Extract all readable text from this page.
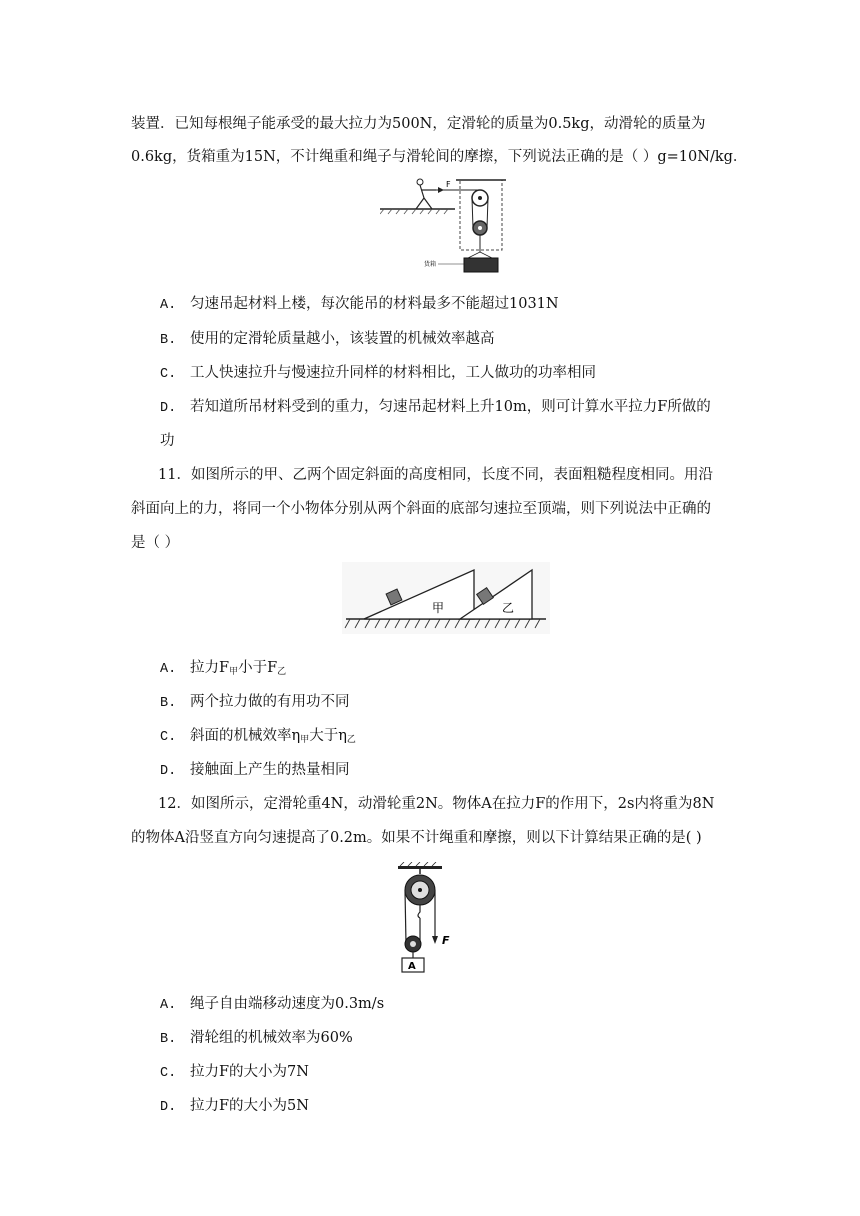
装置．已知每根绳子能承受的最大拉力为500N，定滑轮的质量为0.5kg，动滑轮的质量为
0.6kg，货箱重为15N，不计绳重和绳子与滑轮间的摩擦，下列说法正确的是（ ）g=10N/kg．
F
货箱
A. 匀速吊起材料上楼，每次能吊的材料最多不能超过1031N
B. 使用的定滑轮质量越小，该装置的机械效率越高
C. 工人快速拉升与慢速拉升同样的材料相比，工人做功的功率相同
D. 若知道所吊材料受到的重力，匀速吊起材料上升10m，则可计算水平拉力F所做的
功
11．如图所示的甲、乙两个固定斜面的高度相同，长度不同，表面粗糙程度相同。用沿
斜面向上的力，将同一个小物体分别从两个斜面的底部匀速拉至顶端，则下列说法中正确的
是（ ）
甲	乙
A. 拉力$F_甲$小于$F_乙$
B. 两个拉力做的有用功不同
C. 斜面的机械效率$\eta_甲$大于$\eta_乙$
D. 接触面上产生的热量相同
12．如图所示，定滑轮重4N，动滑轮重2N。物体A在拉力F的作用下，2s内将重为8N
的物体A沿竖直方向匀速提高了0.2m。如果不计绳重和摩擦，则以下计算结果正确的是( )
F
A
A. 绳子自由端移动速度为0.3m/s
B. 滑轮组的机械效率为60%
C. 拉力F的大小为7N
D. 拉力F的大小为5N
